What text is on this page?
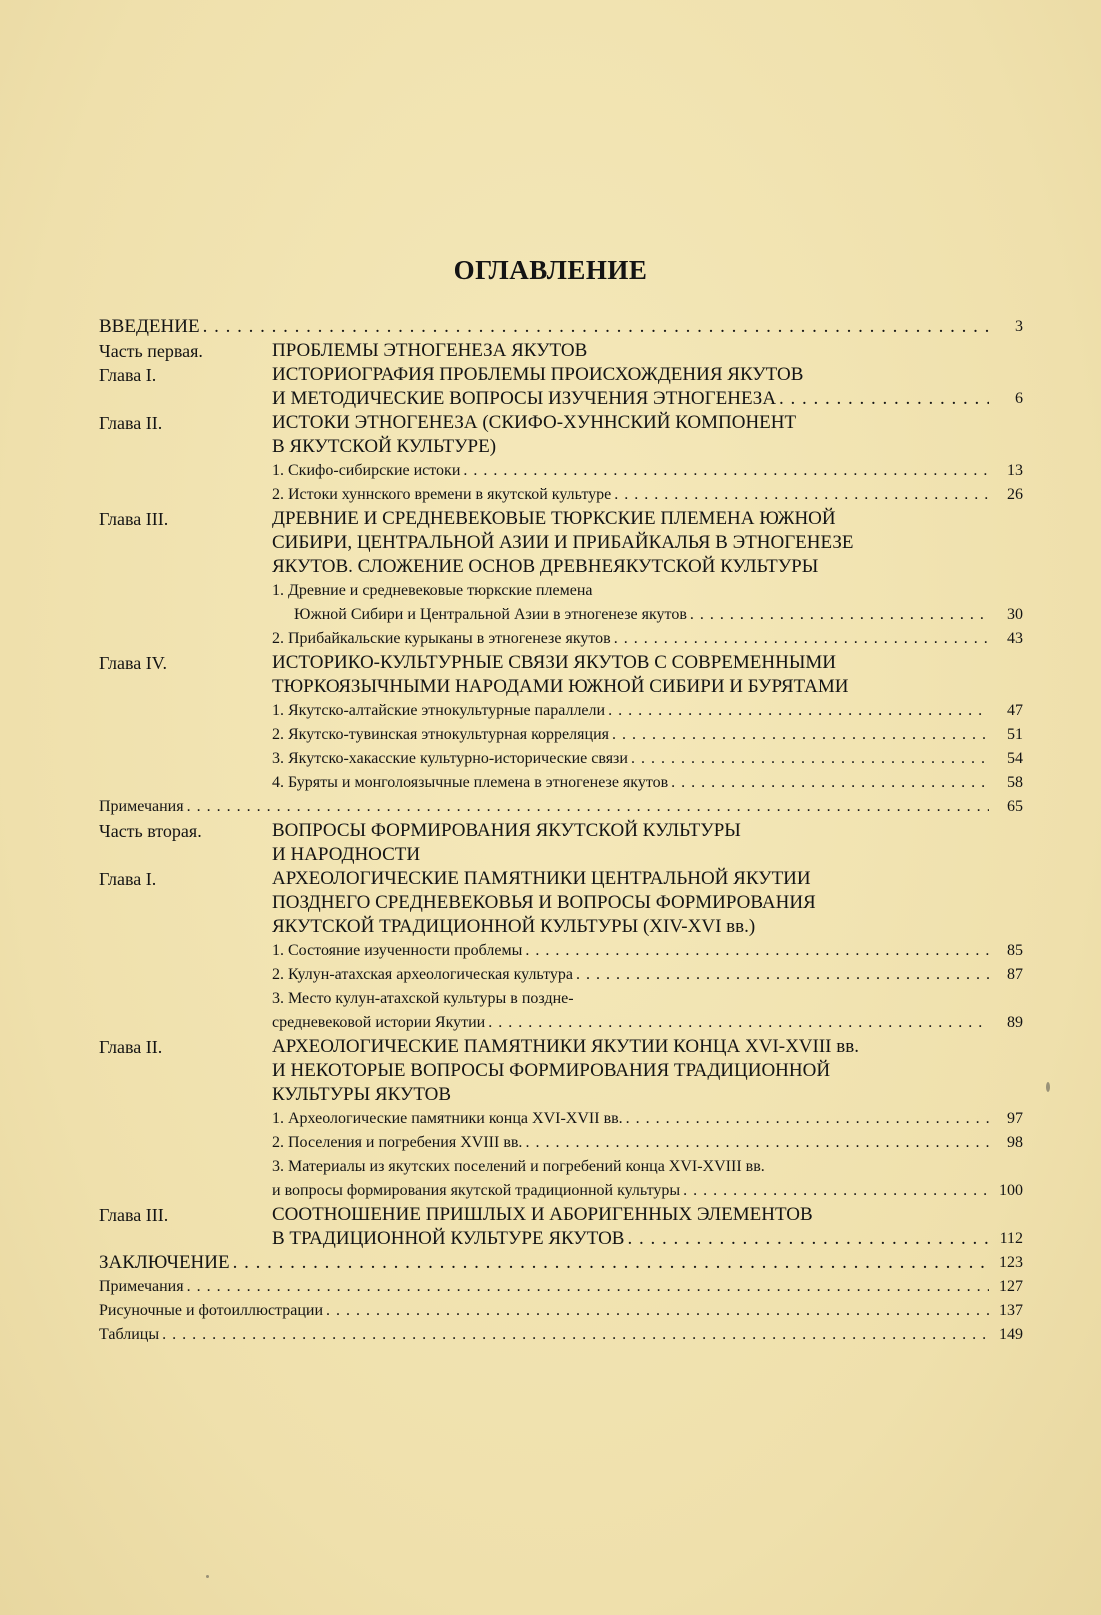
ОГЛАВЛЕНИЕ
ВВЕДЕНИЕ . . .	3
Часть первая.	ПРОБЛЕМЫ ЭТНОГЕНЕЗА ЯКУТОВ
Глава I.	ИСТОРИОГРАФИЯ ПРОБЛЕМЫ ПРОИСХОЖДЕНИЯ ЯКУТОВ
И МЕТОДИЧЕСКИЕ ВОПРОСЫ ИЗУЧЕНИЯ ЭТНОГЕНЕЗА . . .	6
Глава II.	ИСТОКИ ЭТНОГЕНЕЗА (СКИФО-ХУННСКИЙ КОМПОНЕНТ
В ЯКУТСКОЙ КУЛЬТУРЕ)
1. Скифо-сибирские истоки . . .	13
2. Истоки хуннского времени в якутской культуре . . .	26
Глава III.	ДРЕВНИЕ И СРЕДНЕВЕКОВЫЕ ТЮРКСКИЕ ПЛЕМЕНА ЮЖНОЙ
СИБИРИ, ЦЕНТРАЛЬНОЙ АЗИИ И ПРИБАЙКАЛЬЯ В ЭТНОГЕНЕЗЕ
ЯКУТОВ. СЛОЖЕНИЕ ОСНОВ ДРЕВНЕЯКУТСКОЙ КУЛЬТУРЫ
1. Древние и средневековые тюркские племена
Южной Сибири и Центральной Азии в этногенезе якутов . . .	30
2. Прибайкальские курыканы в этногенезе якутов . . .	43
Глава IV.	ИСТОРИКО-КУЛЬТУРНЫЕ СВЯЗИ ЯКУТОВ С СОВРЕМЕННЫМИ
ТЮРКОЯЗЫЧНЫМИ НАРОДАМИ ЮЖНОЙ СИБИРИ И БУРЯТАМИ
1. Якутско-алтайские этнокультурные параллели . . .	47
2. Якутско-тувинская этнокультурная корреляция . . .	51
3. Якутско-хакасские культурно-исторические связи . . .	54
4. Буряты и монголоязычные племена в этногенезе якутов . . .	58
Примечания . . .	65
Часть вторая.	ВОПРОСЫ ФОРМИРОВАНИЯ ЯКУТСКОЙ КУЛЬТУРЫ
И НАРОДНОСТИ
Глава I.	АРХЕОЛОГИЧЕСКИЕ ПАМЯТНИКИ ЦЕНТРАЛЬНОЙ ЯКУТИИ
ПОЗДНЕГО СРЕДНЕВЕКОВЬЯ И ВОПРОСЫ ФОРМИРОВАНИЯ
ЯКУТСКОЙ ТРАДИЦИОННОЙ КУЛЬТУРЫ (XIV-XVI вв.)
1. Состояние изученности проблемы . . .	85
2. Кулун-атахская археологическая культура . . .	87
3. Место кулун-атахской культуры в поздне-
средневековой истории Якутии . . .	89
Глава II.	АРХЕОЛОГИЧЕСКИЕ ПАМЯТНИКИ ЯКУТИИ КОНЦА XVI-XVIII вв.
И НЕКОТОРЫЕ ВОПРОСЫ ФОРМИРОВАНИЯ ТРАДИЦИОННОЙ
КУЛЬТУРЫ ЯКУТОВ
1. Археологические памятники конца XVI-XVII вв. . . .	97
2. Поселения и погребения XVIII вв. . . .	98
3. Материалы из якутских поселений и погребений конца XVI-XVIII вв.
и вопросы формирования якутской традиционной культуры . . .	100
Глава III.	СООТНОШЕНИЕ ПРИШЛЫХ И АБОРИГЕННЫХ ЭЛЕМЕНТОВ
В ТРАДИЦИОННОЙ КУЛЬТУРЕ ЯКУТОВ . . .	112
ЗАКЛЮЧЕНИЕ . . .	123
Примечания . . .	127
Рисуночные и фотоиллюстрации . . .	137
Таблицы . . .	149
